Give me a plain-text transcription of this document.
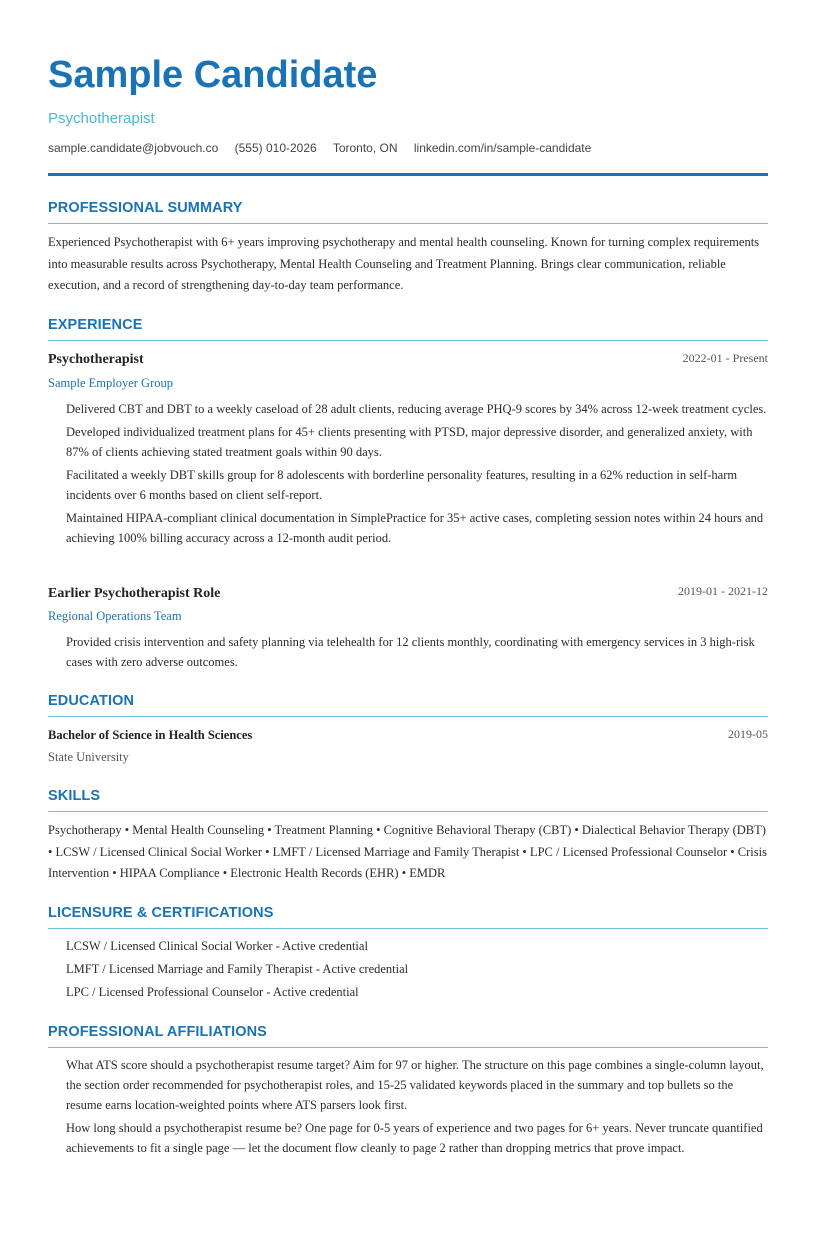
Sample Candidate
Psychotherapist
sample.candidate@jobvouch.co (555) 010-2026 Toronto, ON linkedin.com/in/sample-candidate
PROFESSIONAL SUMMARY
Experienced Psychotherapist with 6+ years improving psychotherapy and mental health counseling. Known for turning complex requirements into measurable results across Psychotherapy, Mental Health Counseling and Treatment Planning. Brings clear communication, reliable execution, and a record of strengthening day-to-day team performance.
EXPERIENCE
Psychotherapist	2022-01 - Present
Sample Employer Group
Delivered CBT and DBT to a weekly caseload of 28 adult clients, reducing average PHQ-9 scores by 34% across 12-week treatment cycles.
Developed individualized treatment plans for 45+ clients presenting with PTSD, major depressive disorder, and generalized anxiety, with 87% of clients achieving stated treatment goals within 90 days.
Facilitated a weekly DBT skills group for 8 adolescents with borderline personality features, resulting in a 62% reduction in self-harm incidents over 6 months based on client self-report.
Maintained HIPAA-compliant clinical documentation in SimplePractice for 35+ active cases, completing session notes within 24 hours and achieving 100% billing accuracy across a 12-month audit period.
Earlier Psychotherapist Role	2019-01 - 2021-12
Regional Operations Team
Provided crisis intervention and safety planning via telehealth for 12 clients monthly, coordinating with emergency services in 3 high-risk cases with zero adverse outcomes.
EDUCATION
Bachelor of Science in Health Sciences	2019-05
State University
SKILLS
Psychotherapy • Mental Health Counseling • Treatment Planning • Cognitive Behavioral Therapy (CBT) • Dialectical Behavior Therapy (DBT) • LCSW / Licensed Clinical Social Worker • LMFT / Licensed Marriage and Family Therapist • LPC / Licensed Professional Counselor • Crisis Intervention • HIPAA Compliance • Electronic Health Records (EHR) • EMDR
LICENSURE & CERTIFICATIONS
LCSW / Licensed Clinical Social Worker - Active credential
LMFT / Licensed Marriage and Family Therapist - Active credential
LPC / Licensed Professional Counselor - Active credential
PROFESSIONAL AFFILIATIONS
What ATS score should a psychotherapist resume target? Aim for 97 or higher. The structure on this page combines a single-column layout, the section order recommended for psychotherapist roles, and 15-25 validated keywords placed in the summary and top bullets so the resume earns location-weighted points where ATS parsers look first.
How long should a psychotherapist resume be? One page for 0-5 years of experience and two pages for 6+ years. Never truncate quantified achievements to fit a single page — let the document flow cleanly to page 2 rather than dropping metrics that prove impact.
